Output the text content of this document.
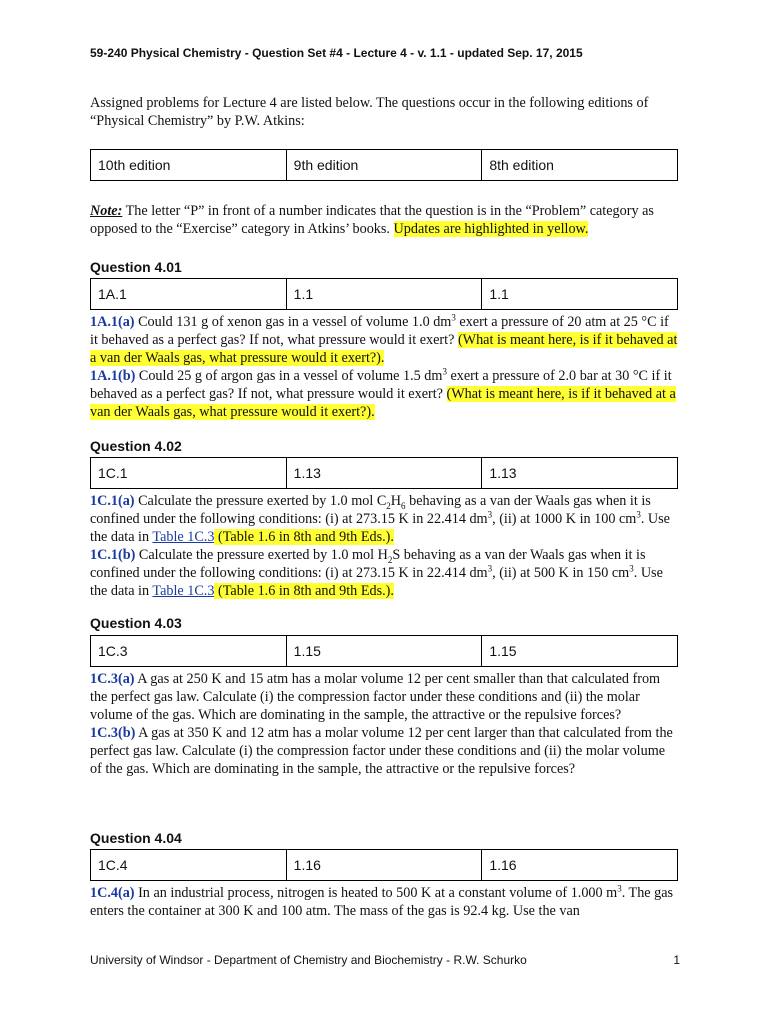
59-240 Physical Chemistry - Question Set #4 - Lecture 4 - v. 1.1 - updated Sep. 17, 2015
Assigned problems for Lecture 4 are listed below. The questions occur in the following editions of “Physical Chemistry” by P.W. Atkins:
10th edition	9th edition	8th edition
Note: The letter “P” in front of a number indicates that the question is in the “Problem” category as opposed to the “Exercise” category in Atkins’ books. Updates are highlighted in yellow.
Question 4.01
1A.1	1.1	1.1
1A.1(a) Could 131 g of xenon gas in a vessel of volume 1.0 $dm^3$ exert a pressure of 20 atm at 25 °C if it behaved as a perfect gas? If not, what pressure would it exert? (What is meant here, is if it behaved at a van der Waals gas, what pressure would it exert?).
1A.1(b) Could 25 g of argon gas in a vessel of volume 1.5 $dm^3$ exert a pressure of 2.0 bar at 30 °C if it behaved as a perfect gas? If not, what pressure would it exert? (What is meant here, is if it behaved at a van der Waals gas, what pressure would it exert?).
Question 4.02
1C.1	1.13	1.13
1C.1(a) Calculate the pressure exerted by 1.0 mol $C_2H_6$ behaving as a van der Waals gas when it is confined under the following conditions: (i) at 273.15 K in 22.414 $dm^3$, (ii) at 1000 K in 100 $cm^3$. Use the data in Table 1C.3 (Table 1.6 in 8th and 9th Eds.).
1C.1(b) Calculate the pressure exerted by 1.0 mol $H_2S$ behaving as a van der Waals gas when it is confined under the following conditions: (i) at 273.15 K in 22.414 $dm^3$, (ii) at 500 K in 150 $cm^3$. Use the data in Table 1C.3 (Table 1.6 in 8th and 9th Eds.).
Question 4.03
1C.3	1.15	1.15
1C.3(a) A gas at 250 K and 15 atm has a molar volume 12 per cent smaller than that calculated from the perfect gas law. Calculate (i) the compression factor under these conditions and (ii) the molar volume of the gas. Which are dominating in the sample, the attractive or the repulsive forces?
1C.3(b) A gas at 350 K and 12 atm has a molar volume 12 per cent larger than that calculated from the perfect gas law. Calculate (i) the compression factor under these conditions and (ii) the molar volume of the gas. Which are dominating in the sample, the attractive or the repulsive forces?
Question 4.04
1C.4	1.16	1.16
1C.4(a) In an industrial process, nitrogen is heated to 500 K at a constant volume of 1.000 $m^3$. The gas enters the container at 300 K and 100 atm. The mass of the gas is 92.4 kg. Use the van
University of Windsor - Department of Chemistry and Biochemistry - R.W. Schurko	1
